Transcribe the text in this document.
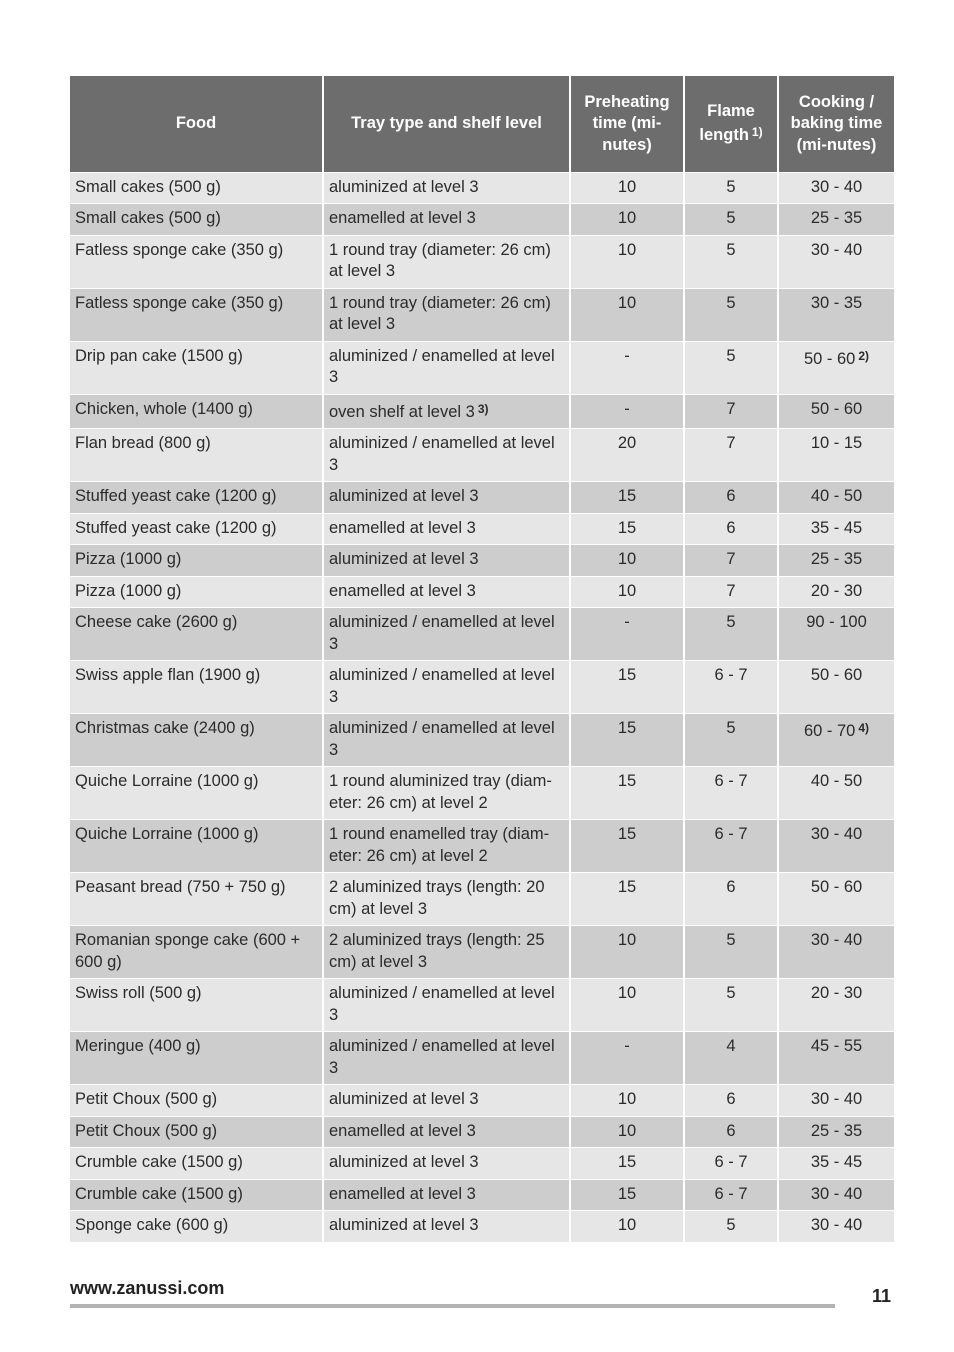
Food	Tray type and shelf level	Preheating time (mi-nutes)	Flame length $^{1)}$	Cooking / baking time (mi-nutes)
Small cakes (500 g)	aluminized at level 3	10	5	30 - 40
Small cakes (500 g)	enamelled at level 3	10	5	25 - 35
Fatless sponge cake (350 g)	1 round tray (diameter: 26 cm) at level 3	10	5	30 - 40
Fatless sponge cake (350 g)	1 round tray (diameter: 26 cm) at level 3	10	5	30 - 35
Drip pan cake (1500 g)	aluminized / enamelled at level 3	-	5	50 - 60 $^{2)}$
Chicken, whole (1400 g)	oven shelf at level 3 $^{3)}$	-	7	50 - 60
Flan bread (800 g)	aluminized / enamelled at level 3	20	7	10 - 15
Stuffed yeast cake (1200 g)	aluminized at level 3	15	6	40 - 50
Stuffed yeast cake (1200 g)	enamelled at level 3	15	6	35 - 45
Pizza (1000 g)	aluminized at level 3	10	7	25 - 35
Pizza (1000 g)	enamelled at level 3	10	7	20 - 30
Cheese cake (2600 g)	aluminized / enamelled at level 3	-	5	90 - 100
Swiss apple flan (1900 g)	aluminized / enamelled at level 3	15	6 - 7	50 - 60
Christmas cake (2400 g)	aluminized / enamelled at level 3	15	5	60 - 70 $^{4)}$
Quiche Lorraine (1000 g)	1 round aluminized tray (diam-eter: 26 cm) at level 2	15	6 - 7	40 - 50
Quiche Lorraine (1000 g)	1 round enamelled tray (diam-eter: 26 cm) at level 2	15	6 - 7	30 - 40
Peasant bread (750 + 750 g)	2 aluminized trays (length: 20 cm) at level 3	15	6	50 - 60
Romanian sponge cake (600 + 600 g)	2 aluminized trays (length: 25 cm) at level 3	10	5	30 - 40
Swiss roll (500 g)	aluminized / enamelled at level 3	10	5	20 - 30
Meringue (400 g)	aluminized / enamelled at level 3	-	4	45 - 55
Petit Choux (500 g)	aluminized at level 3	10	6	30 - 40
Petit Choux (500 g)	enamelled at level 3	10	6	25 - 35
Crumble cake (1500 g)	aluminized at level 3	15	6 - 7	35 - 45
Crumble cake (1500 g)	enamelled at level 3	15	6 - 7	30 - 40
Sponge cake (600 g)	aluminized at level 3	10	5	30 - 40
www.zanussi.com	11
